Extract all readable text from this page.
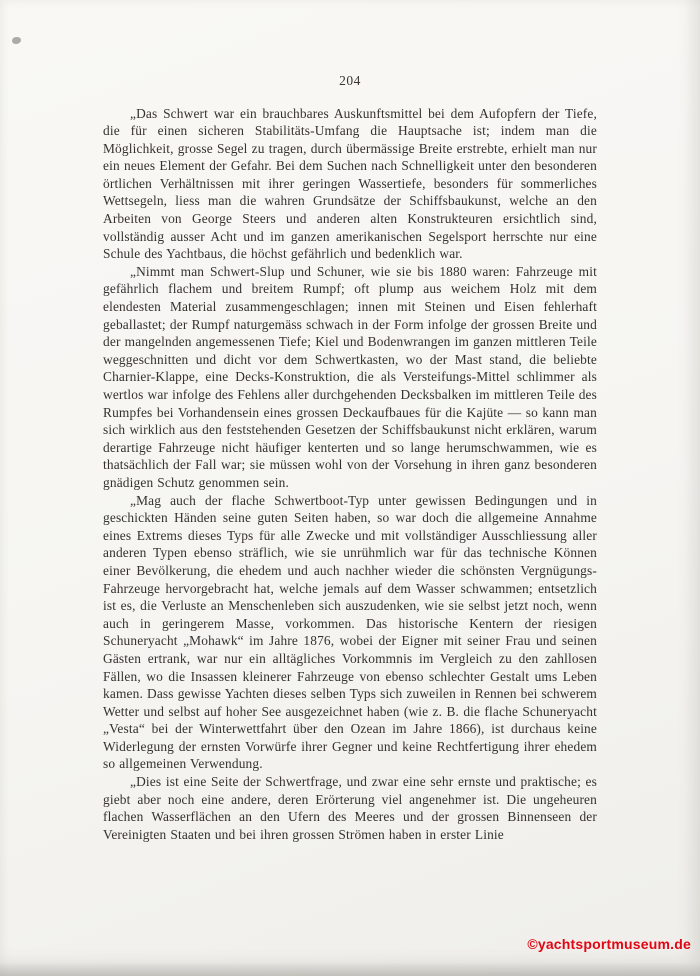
204

„Das Schwert war ein brauchbares Auskunftsmittel bei dem Aufopfern der Tiefe, die für einen sicheren Stabilitäts-Umfang die Hauptsache ist; indem man die Möglichkeit, grosse Segel zu tragen, durch übermässige Breite erstrebte, erhielt man nur ein neues Element der Gefahr. Bei dem Suchen nach Schnelligkeit unter den besonderen örtlichen Verhältnissen mit ihrer geringen Wassertiefe, besonders für sommerliches Wettsegeln, liess man die wahren Grundsätze der Schiffsbaukunst, welche an den Arbeiten von George Steers und anderen alten Konstrukteuren ersichtlich sind, vollständig ausser Acht und im ganzen amerikanischen Segelsport herrschte nur eine Schule des Yachtbaus, die höchst gefährlich und bedenklich war.

„Nimmt man Schwert-Slup und Schuner, wie sie bis 1880 waren: Fahrzeuge mit gefährlich flachem und breitem Rumpf; oft plump aus weichem Holz mit dem elendesten Material zusammengeschlagen; innen mit Steinen und Eisen fehlerhaft geballastet; der Rumpf naturgemäss schwach in der Form infolge der grossen Breite und der mangelnden angemessenen Tiefe; Kiel und Bodenwrangen im ganzen mittleren Teile weggeschnitten und dicht vor dem Schwertkasten, wo der Mast stand, die beliebte Charnier-Klappe, eine Decks-Konstruktion, die als Versteifungs-Mittel schlimmer als wertlos war infolge des Fehlens aller durchgehenden Decksbalken im mittleren Teile des Rumpfes bei Vorhandensein eines grossen Deckaufbaues für die Kajüte — so kann man sich wirklich aus den feststehenden Gesetzen der Schiffsbaukunst nicht erklären, warum derartige Fahrzeuge nicht häufiger kenterten und so lange herumschwammen, wie es thatsächlich der Fall war; sie müssen wohl von der Vorsehung in ihren ganz besonderen gnädigen Schutz genommen sein.

„Mag auch der flache Schwertboot-Typ unter gewissen Bedingungen und in geschickten Händen seine guten Seiten haben, so war doch die allgemeine Annahme eines Extrems dieses Typs für alle Zwecke und mit vollständiger Ausschliessung aller anderen Typen ebenso sträflich, wie sie unrühmlich war für das technische Können einer Bevölkerung, die ehedem und auch nachher wieder die schönsten Vergnügungs-Fahrzeuge hervorgebracht hat, welche jemals auf dem Wasser schwammen; entsetzlich ist es, die Verluste an Menschenleben sich auszudenken, wie sie selbst jetzt noch, wenn auch in geringerem Masse, vorkommen. Das historische Kentern der riesigen Schuneryacht „Mohawk“ im Jahre 1876, wobei der Eigner mit seiner Frau und seinen Gästen ertrank, war nur ein alltägliches Vorkommnis im Vergleich zu den zahllosen Fällen, wo die Insassen kleinerer Fahrzeuge von ebenso schlechter Gestalt ums Leben kamen. Dass gewisse Yachten dieses selben Typs sich zuweilen in Rennen bei schwerem Wetter und selbst auf hoher See ausgezeichnet haben (wie z. B. die flache Schuneryacht „Vesta“ bei der Winterwettfahrt über den Ozean im Jahre 1866), ist durchaus keine Widerlegung der ernsten Vorwürfe ihrer Gegner und keine Rechtfertigung ihrer ehedem so allgemeinen Verwendung.

„Dies ist eine Seite der Schwertfrage, und zwar eine sehr ernste und praktische; es giebt aber noch eine andere, deren Erörterung viel angenehmer ist. Die ungeheuren flachen Wasserflächen an den Ufern des Meeres und der grossen Binnenseen der Vereinigten Staaten und bei ihren grossen Strömen haben in erster Linie

©yachtsportmuseum.de
